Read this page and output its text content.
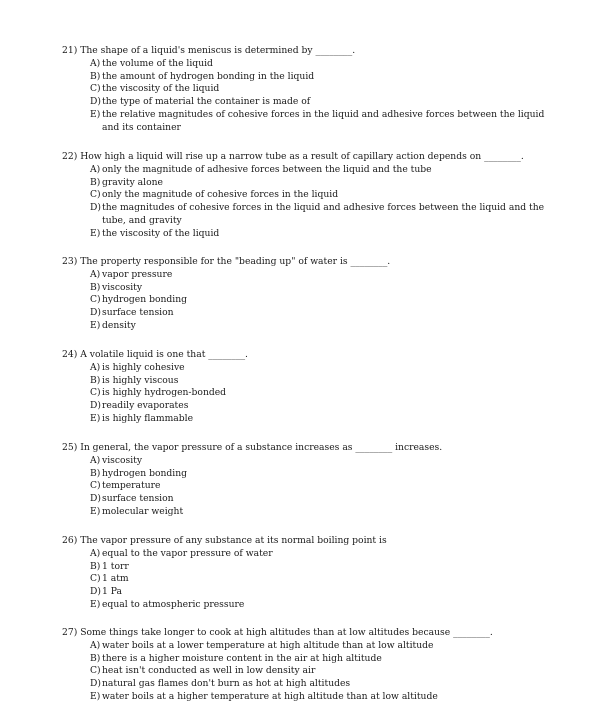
21) The shape of a liquid's meniscus is determined by ________.
A) the volume of the liquid
B) the amount of hydrogen bonding in the liquid
C) the viscosity of the liquid
D) the type of material the container is made of
E) the relative magnitudes of cohesive forces in the liquid and adhesive forces between the liquid and its container
22) How high a liquid will rise up a narrow tube as a result of capillary action depends on ________.
A) only the magnitude of adhesive forces between the liquid and the tube
B) gravity alone
C) only the magnitude of cohesive forces in the liquid
D) the magnitudes of cohesive forces in the liquid and adhesive forces between the liquid and the tube, and gravity
E) the viscosity of the liquid
23) The property responsible for the "beading up" of water is ________.
A) vapor pressure
B) viscosity
C) hydrogen bonding
D) surface tension
E) density
24) A volatile liquid is one that ________.
A) is highly cohesive
B) is highly viscous
C) is highly hydrogen-bonded
D) readily evaporates
E) is highly flammable
25) In general, the vapor pressure of a substance increases as ________ increases.
A) viscosity
B) hydrogen bonding
C) temperature
D) surface tension
E) molecular weight
26) The vapor pressure of any substance at its normal boiling point is
A) equal to the vapor pressure of water
B) 1 torr
C) 1 atm
D) 1 Pa
E) equal to atmospheric pressure
27) Some things take longer to cook at high altitudes than at low altitudes because ________.
A) water boils at a lower temperature at high altitude than at low altitude
B) there is a higher moisture content in the air at high altitude
C) heat isn't conducted as well in low density air
D) natural gas flames don't burn as hot at high altitudes
E) water boils at a higher temperature at high altitude than at low altitude
